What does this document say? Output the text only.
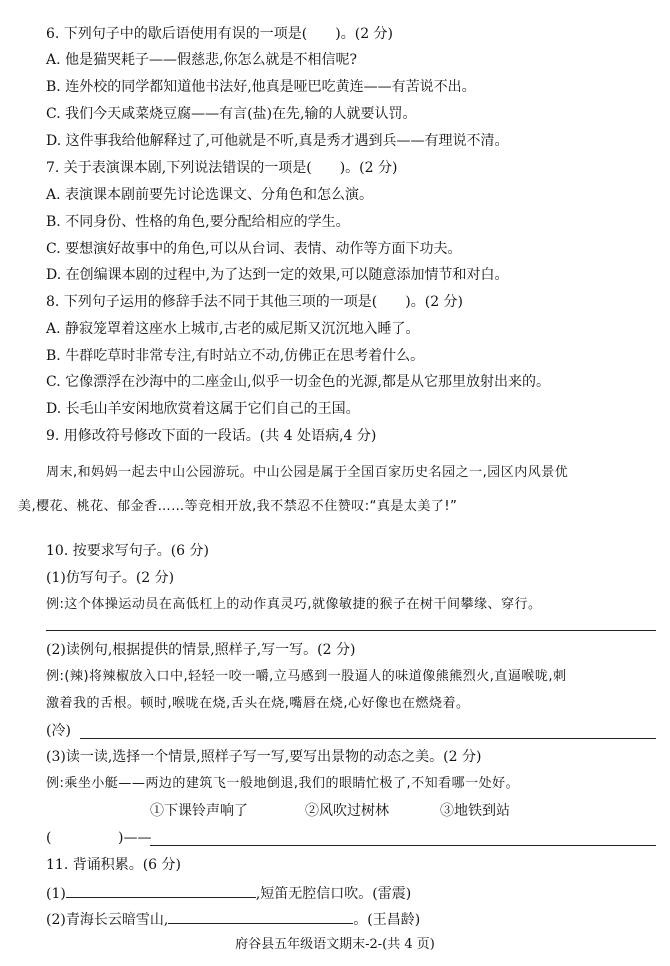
6. 下列句子中的歇后语使用有误的一项是(　　)。(2 分)
A. 他是猫哭耗子——假慈悲,你怎么就是不相信呢?
B. 连外校的同学都知道他书法好,他真是哑巴吃黄连——有苦说不出。
C. 我们今天咸菜烧豆腐——有言(盐)在先,输的人就要认罚。
D. 这件事我给他解释过了,可他就是不听,真是秀才遇到兵——有理说不清。
7. 关于表演课本剧,下列说法错误的一项是(　　)。(2 分)
A. 表演课本剧前要先讨论选课文、分角色和怎么演。
B. 不同身份、性格的角色,要分配给相应的学生。
C. 要想演好故事中的角色,可以从台词、表情、动作等方面下功夫。
D. 在创编课本剧的过程中,为了达到一定的效果,可以随意添加情节和对白。
8. 下列句子运用的修辞手法不同于其他三项的一项是(　　)。(2 分)
A. 静寂笼罩着这座水上城市,古老的威尼斯又沉沉地入睡了。
B. 牛群吃草时非常专注,有时站立不动,仿佛正在思考着什么。
C. 它像漂浮在沙海中的二座金山,似乎一切金色的光源,都是从它那里放射出来的。
D. 长毛山羊安闲地欣赏着这属于它们自己的王国。
9. 用修改符号修改下面的一段话。(共 4 处语病,4 分)
周末,和妈妈一起去中山公园游玩。中山公园是属于全国百家历史名园之一,园区内风景优
美,樱花、桃花、郁金香……等竞相开放,我不禁忍不住赞叹:“真是太美了!”
10. 按要求写句子。(6 分)
(1)仿写句子。(2 分)
例:这个体操运动员在高低杠上的动作真灵巧,就像敏捷的猴子在树干间攀缘、穿行。
(2)读例句,根据提供的情景,照样子,写一写。(2 分)
例:(辣)将辣椒放入口中,轻轻一咬一嚼,立马感到一股逼人的味道像熊熊烈火,直逼喉咙,刺
激着我的舌根。顿时,喉咙在烧,舌头在烧,嘴唇在烧,心好像也在燃烧着。
(冷)
(3)读一读,选择一个情景,照样子写一写,要写出景物的动态之美。(2 分)
例:乘坐小艇——两边的建筑飞一般地倒退,我们的眼睛忙极了,不知看哪一处好。
①下课铃声响了	②风吹过树林	③地铁到站
(	)——
11. 背诵积累。(6 分)
(1)	,短笛无腔信口吹。(雷震)
(2)青海长云暗雪山,	。(王昌龄)
府谷县五年级语文期末-2-(共 4 页)
